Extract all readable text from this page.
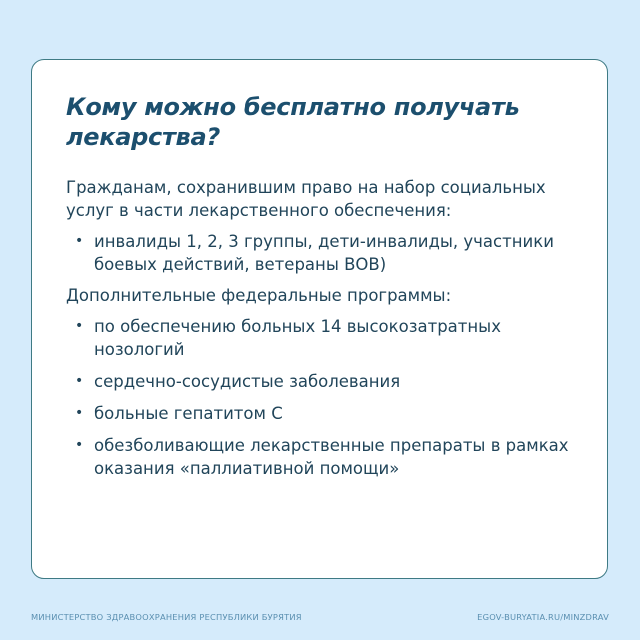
Кому можно бесплатно получать лекарства?

Гражданам, сохранившим право на набор социальных услуг в части лекарственного обеспечения:

• инвалиды 1, 2, 3 группы, дети-инвалиды, участники боевых действий, ветераны ВОВ)

Дополнительные федеральные программы:

• по обеспечению больных 14 высокозатратных нозологий
• сердечно-сосудистые заболевания
• больные гепатитом С
• обезболивающие лекарственные препараты в рамках оказания «паллиативной помощи»
МИНИСТЕРСТВО ЗДРАВООХРАНЕНИЯ РЕСПУБЛИКИ БУРЯТИЯ	EGOV-BURYATIA.RU/MINZDRAV
